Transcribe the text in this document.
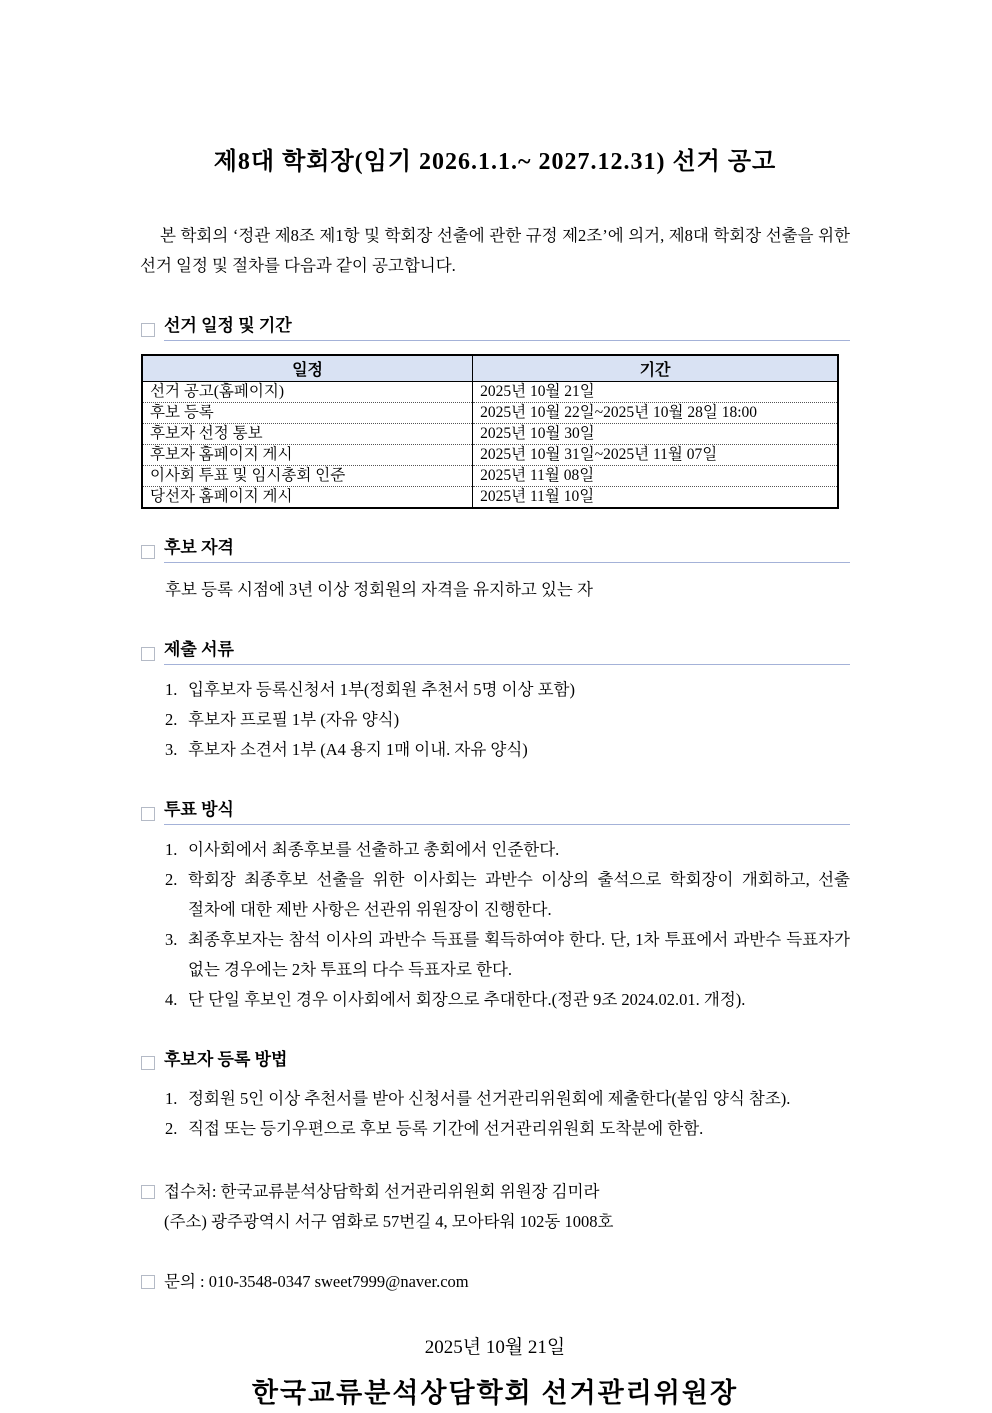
제8대 학회장(임기 2026.1.1.~ 2027.12.31) 선거 공고

본 학회의 ‘정관 제8조 제1항 및 학회장 선출에 관한 규정 제2조’에 의거, 제8대 학회장 선출을 위한 선거 일정 및 절차를 다음과 같이 공고합니다.

선거 일정 및 기간
일정	기간
선거 공고(홈페이지)	2025년 10월 21일
후보 등록	2025년 10월 22일~2025년 10월 28일 18:00
후보자 선정 통보	2025년 10월 30일
후보자 홈페이지 게시	2025년 10월 31일~2025년 11월 07일
이사회 투표 및 임시총회 인준	2025년 11월 08일
당선자 홈페이지 게시	2025년 11월 10일
후보 자격

후보 등록 시점에 3년 이상 정회원의 자격을 유지하고 있는 자

제출 서류
1. 입후보자 등록신청서 1부(정회원 추천서 5명 이상 포함)
2. 후보자 프로필 1부 (자유 양식)
3. 후보자 소견서 1부 (A4 용지 1매 이내. 자유 양식)
투표 방식
1. 이사회에서 최종후보를 선출하고 총회에서 인준한다.
2. 학회장 최종후보 선출을 위한 이사회는 과반수 이상의 출석으로 학회장이 개회하고, 선출 절차에 대한 제반 사항은 선관위 위원장이 진행한다.
3. 최종후보자는 참석 이사의 과반수 득표를 획득하여야 한다. 단, 1차 투표에서 과반수 득표자가 없는 경우에는 2차 투표의 다수 득표자로 한다.
4. 단 단일 후보인 경우 이사회에서 회장으로 추대한다.(정관 9조 2024.02.01. 개정).
후보자 등록 방법
1. 정회원 5인 이상 추천서를 받아 신청서를 선거관리위원회에 제출한다(붙임 양식 참조).
2. 직접 또는 등기우편으로 후보 등록 기간에 선거관리위원회 도착분에 한함.
접수처: 한국교류분석상담학회 선거관리위원회 위원장 김미라
(주소) 광주광역시 서구 염화로 57번길 4, 모아타워 102동 1008호
문의 : 010-3548-0347 sweet7999@naver.com
2025년 10월 21일
한국교류분석상담학회 선거관리위원장
